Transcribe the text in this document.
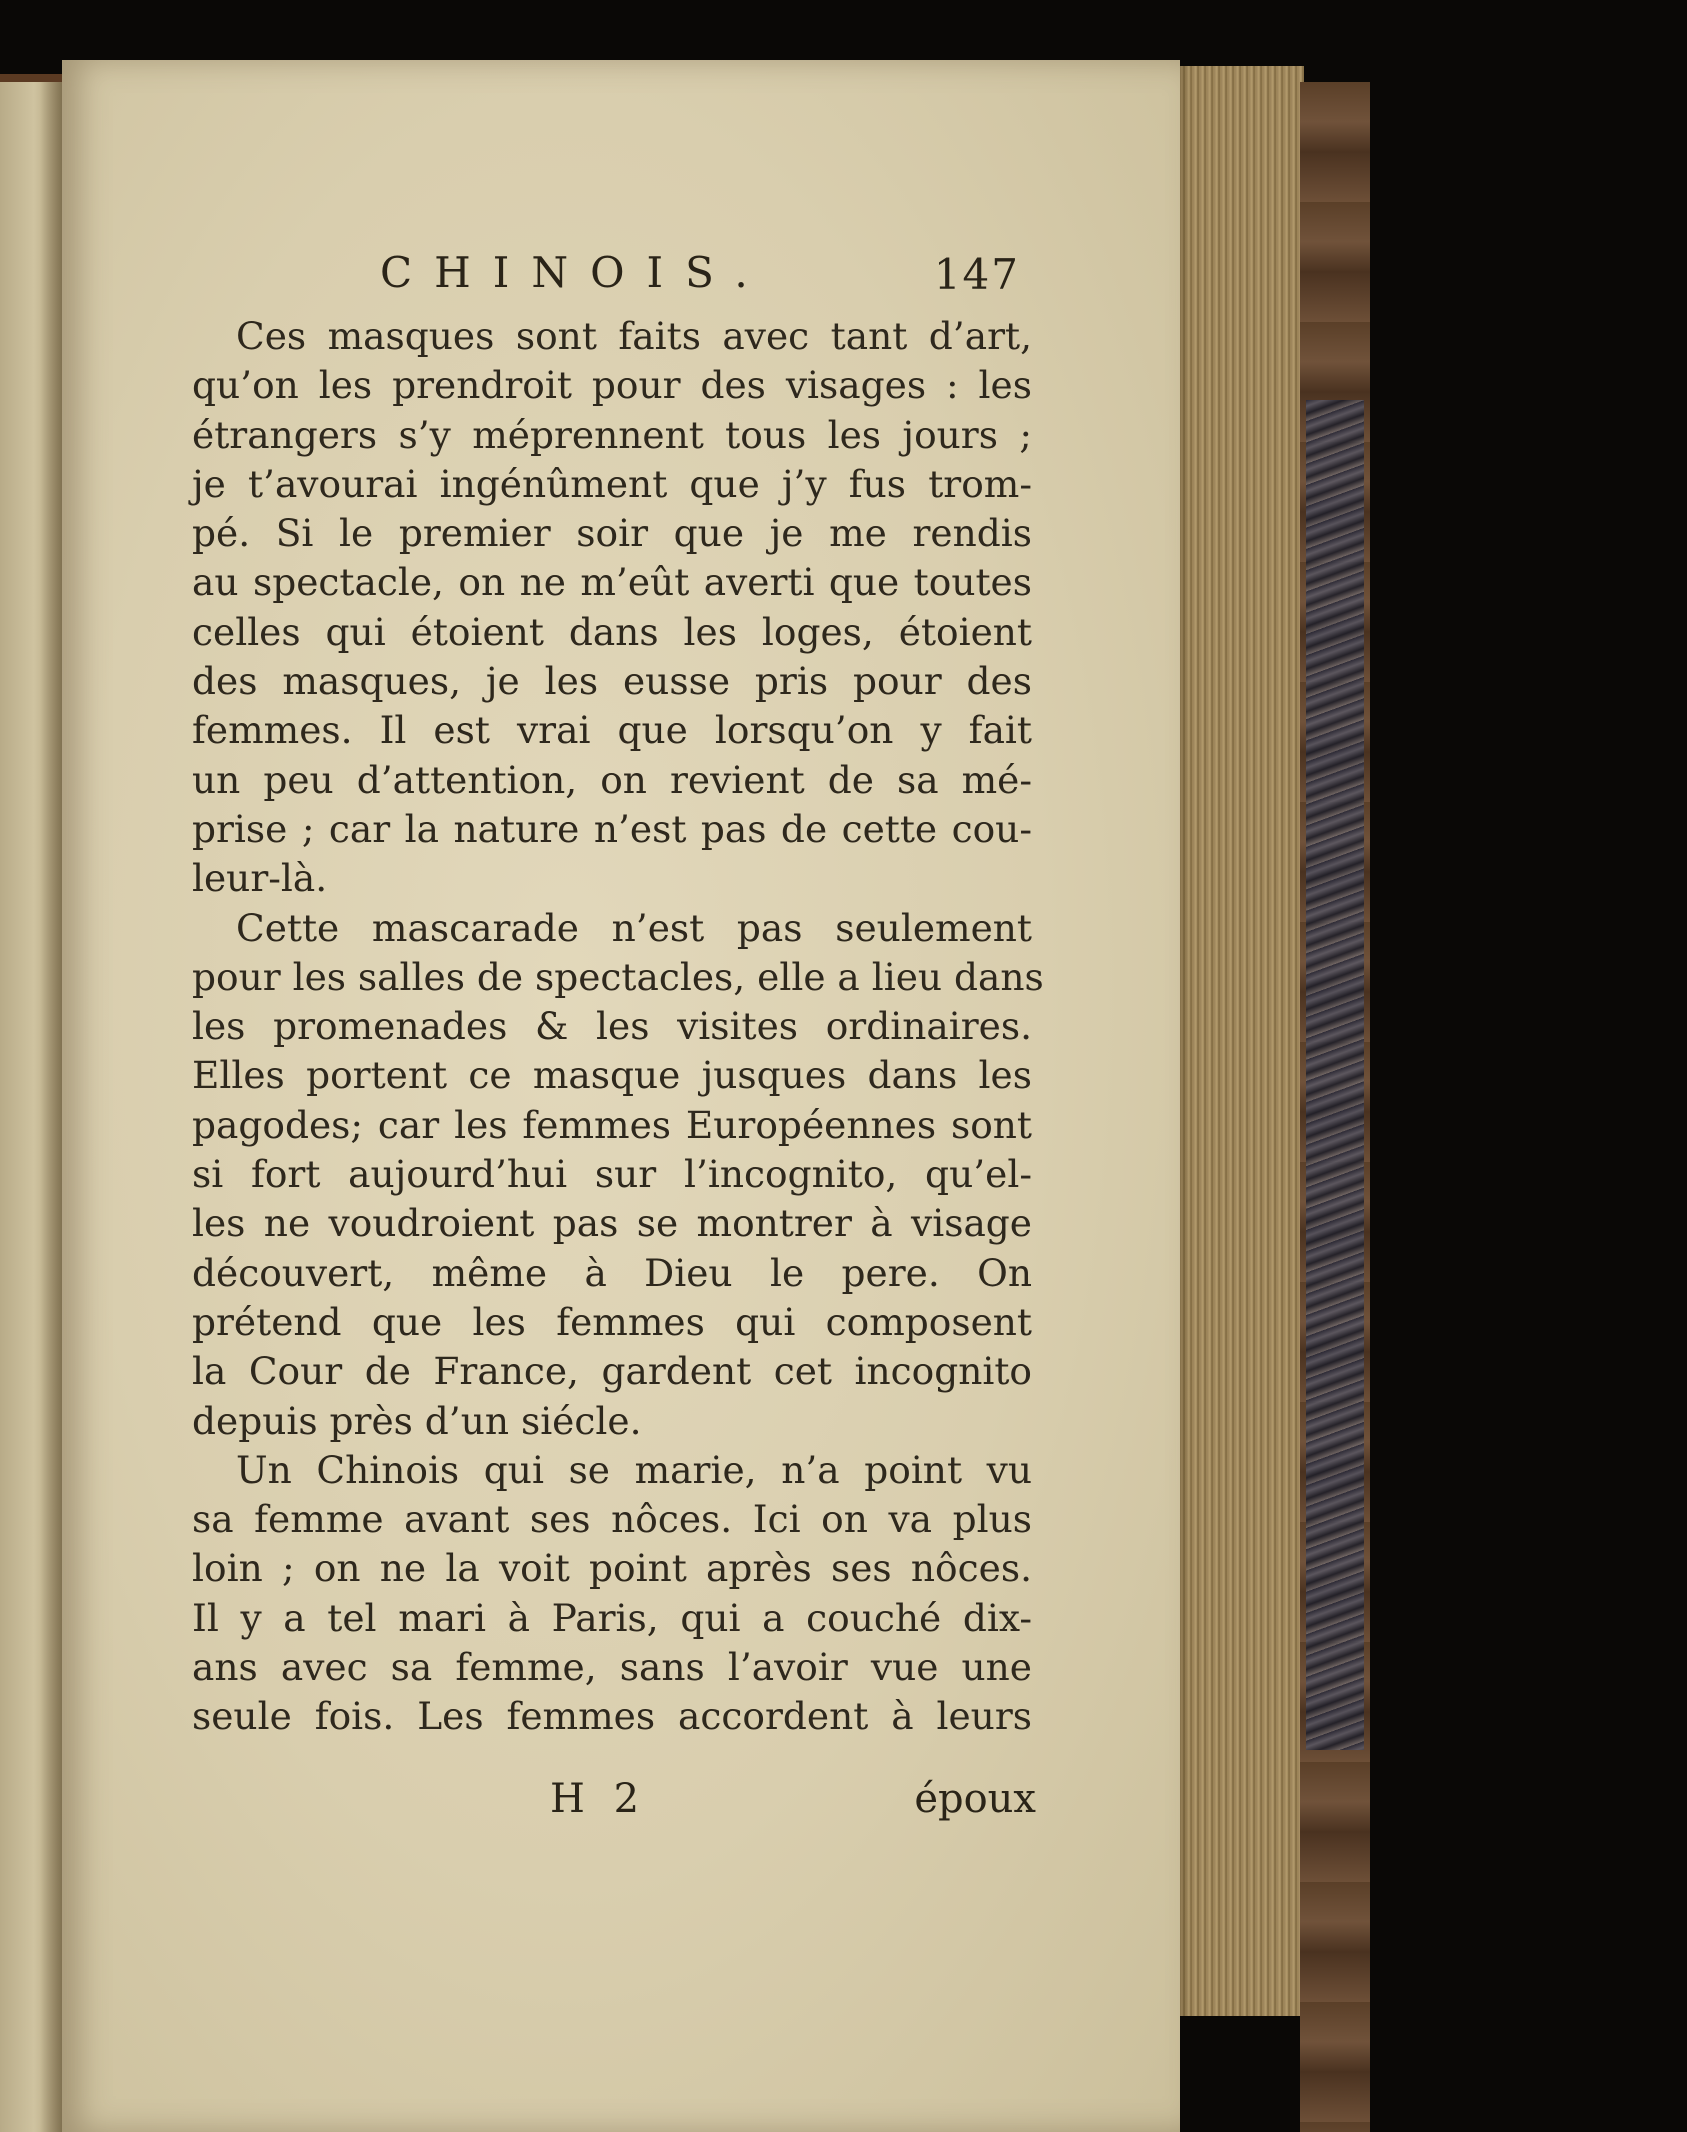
CHINOIS.	147
Ces masques sont faits avec tant d’art,
qu’on les prendroit pour des visages : les
étrangers s’y méprennent tous les jours ;
je t’avourai ingénûment que j’y fus trom-
pé. Si le premier soir que je me rendis
au spectacle, on ne m’eût averti que toutes
celles qui étoient dans les loges, étoient
des masques, je les eusse pris pour des
femmes. Il est vrai que lorsqu’on y fait
un peu d’attention, on revient de sa mé-
prise ; car la nature n’est pas de cette cou-
leur-là.
Cette mascarade n’est pas seulement
pour les salles de spectacles, elle a lieu dans
les promenades & les visites ordinaires.
Elles portent ce masque jusques dans les
pagodes; car les femmes Européennes sont
si fort aujourd’hui sur l’incognito, qu’el-
les ne voudroient pas se montrer à visage
découvert, même à Dieu le pere. On
prétend que les femmes qui composent
la Cour de France, gardent cet incognito
depuis près d’un siécle.
Un Chinois qui se marie, n’a point vu
sa femme avant ses nôces. Ici on va plus
loin ; on ne la voit point après ses nôces.
Il y a tel mari à Paris, qui a couché dix-
ans avec sa femme, sans l’avoir vue une
seule fois. Les femmes accordent à leurs
H 2	époux
